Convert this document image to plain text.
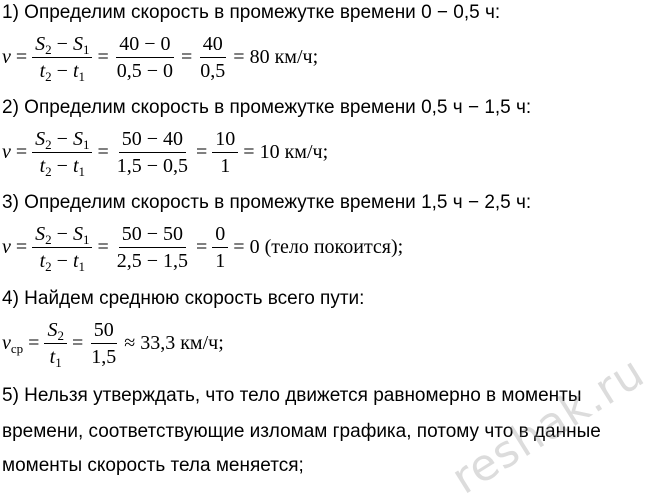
1) Определим скорость в промежутке времени 0 − 0,5 ч:
$v = \frac{S_2 - S_1}{t_2 - t_1} = \frac{40 - 0}{0,5 - 0} = \frac{40}{0,5} = 80$ км/ч;
2) Определим скорость в промежутке времени 0,5 ч − 1,5 ч:
$v = \frac{S_2 - S_1}{t_2 - t_1} = \frac{50 - 40}{1,5 - 0,5} = \frac{10}{1} = 10$ км/ч;
3) Определим скорость в промежутке времени 1,5 ч − 2,5 ч:
$v = \frac{S_2 - S_1}{t_2 - t_1} = \frac{50 - 50}{2,5 - 1,5} = \frac{0}{1} = 0$ (тело покоится);
4) Найдем среднюю скорость всего пути:
$v_{ср} = \frac{S_2}{t_1} = \frac{50}{1,5} \approx 33,3$ км/ч;
5) Нельзя утверждать, что тело движется равномерно в моменты
времени, соответствующие изломам графика, потому что в данные
моменты скорость тела меняется;	reshak.ru
